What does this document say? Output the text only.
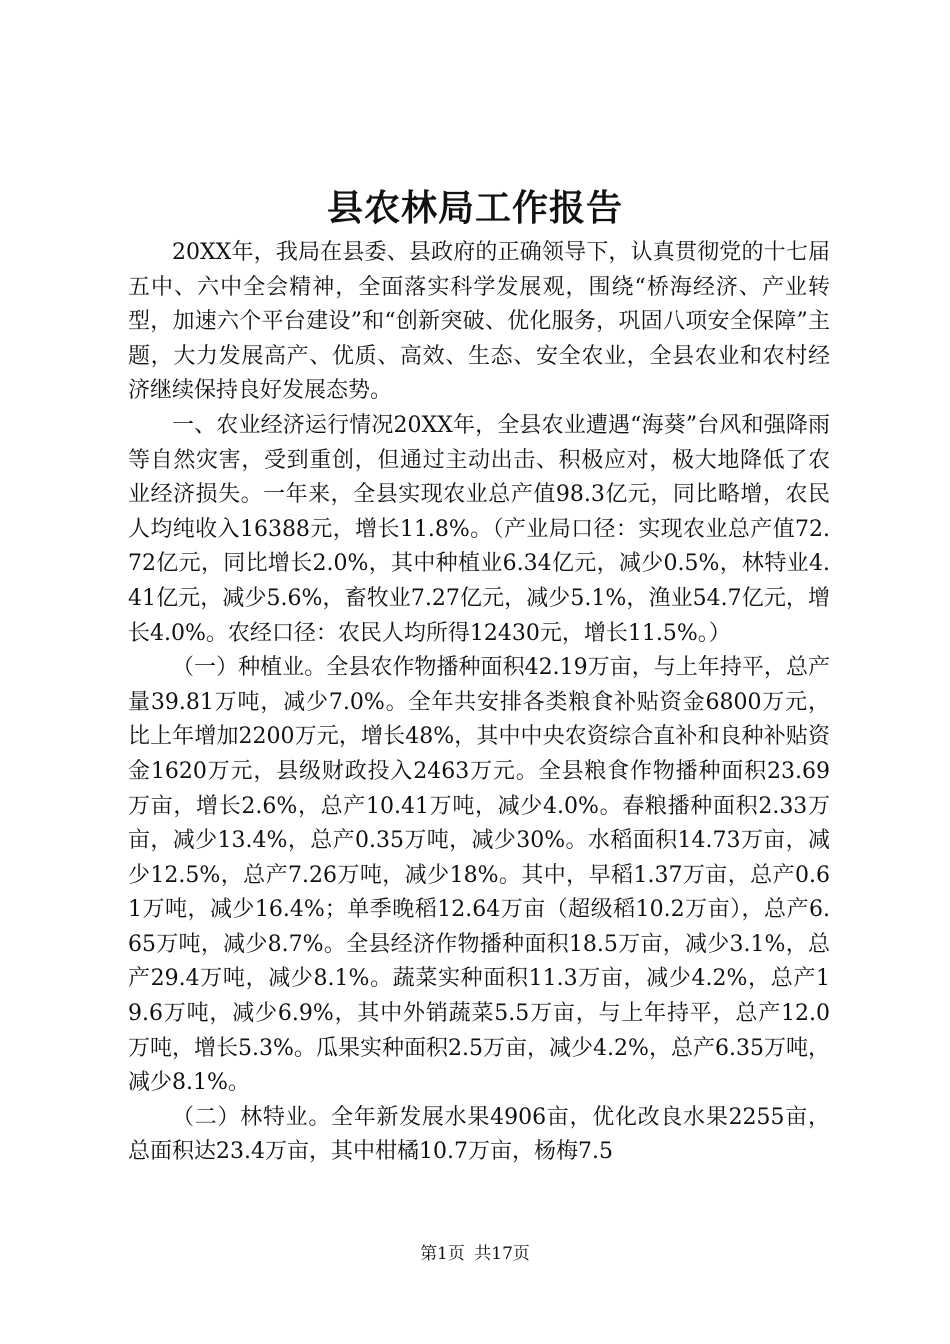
县农林局工作报告

20XX年，我局在县委、县政府的正确领导下，认真贯彻党的十七届五中、六中全会精神，全面落实科学发展观，围绕“桥海经济、产业转型，加速六个平台建设”和“创新突破、优化服务，巩固八项安全保障”主题，大力发展高产、优质、高效、生态、安全农业，全县农业和农村经济继续保持良好发展态势。

一、农业经济运行情况20XX年，全县农业遭遇“海葵”台风和强降雨等自然灾害，受到重创，但通过主动出击、积极应对，极大地降低了农业经济损失。一年来，全县实现农业总产值98.3亿元，同比略增，农民人均纯收入16388元，增长11.8%。（产业局口径：实现农业总产值72.72亿元，同比增长2.0%，其中种植业6.34亿元，减少0.5%，林特业4.41亿元，减少5.6%，畜牧业7.27亿元，减少5.1%，渔业54.7亿元，增长4.0%。农经口径：农民人均所得12430元，增长11.5%。）

（一）种植业。全县农作物播种面积42.19万亩，与上年持平，总产量39.81万吨，减少7.0%。全年共安排各类粮食补贴资金6800万元，比上年增加2200万元，增长48%，其中中央农资综合直补和良种补贴资金1620万元，县级财政投入2463万元。全县粮食作物播种面积23.69万亩，增长2.6%，总产10.41万吨，减少4.0%。春粮播种面积2.33万亩，减少13.4%，总产0.35万吨，减少30%。水稻面积14.73万亩，减少12.5%，总产7.26万吨，减少18%。其中，早稻1.37万亩，总产0.61万吨，减少16.4%；单季晚稻12.64万亩（超级稻10.2万亩），总产6.65万吨，减少8.7%。全县经济作物播种面积18.5万亩，减少3.1%，总产29.4万吨，减少8.1%。蔬菜实种面积11.3万亩，减少4.2%，总产19.6万吨，减少6.9%，其中外销蔬菜5.5万亩，与上年持平，总产12.0万吨，增长5.3%。瓜果实种面积2.5万亩，减少4.2%，总产6.35万吨，减少8.1%。

（二）林特业。全年新发展水果4906亩，优化改良水果2255亩，总面积达23.4万亩，其中柑橘10.7万亩，杨梅7.5

第1页 共17页
